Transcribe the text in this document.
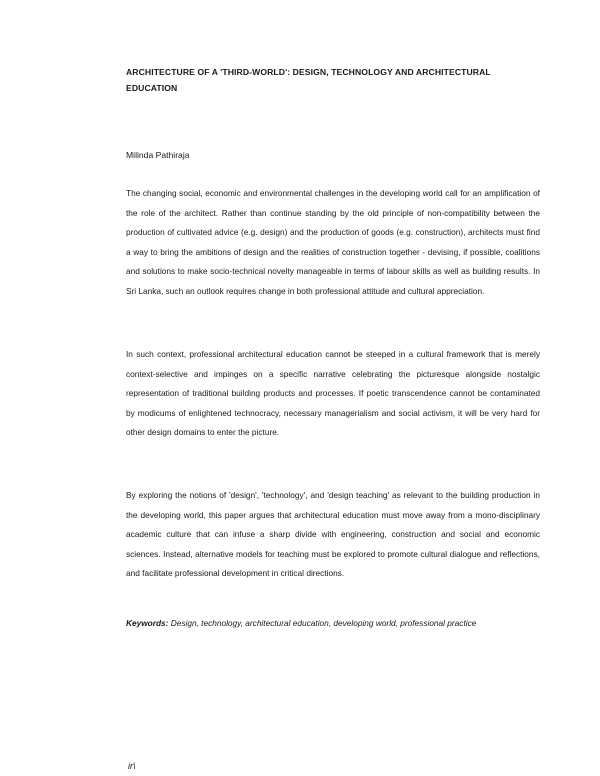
ARCHITECTURE OF A 'THIRD-WORLD': DESIGN, TECHNOLOGY AND ARCHITECTURAL EDUCATION

Milinda Pathiraja

The changing social, economic and environmental challenges in the developing world call for an amplification of the role of the architect. Rather than continue standing by the old principle of non-compatibility between the production of cultivated advice (e.g. design) and the production of goods (e.g. construction), architects must find a way to bring the ambitions of design and the realities of construction together - devising, if possible, coalitions and solutions to make socio-technical novelty manageable in terms of labour skills as well as building results. In Sri Lanka, such an outlook requires change in both professional attitude and cultural appreciation.

In such context, professional architectural education cannot be steeped in a cultural framework that is merely context-selective and impinges on a specific narrative celebrating the picturesque alongside nostalgic representation of traditional building products and processes. If poetic transcendence cannot be contaminated by modicums of enlightened technocracy, necessary managerialism and social activism, it will be very hard for other design domains to enter the picture.

By exploring the notions of 'design', 'technology', and 'design teaching' as relevant to the building production in the developing world, this paper argues that architectural education must move away from a mono-disciplinary academic culture that can infuse a sharp divide with engineering, construction and social and economic sciences. Instead, alternative models for teaching must be explored to promote cultural dialogue and reflections, and facilitate professional development in critical directions.

Keywords: Design, technology, architectural education, developing world, professional practice

ir\
